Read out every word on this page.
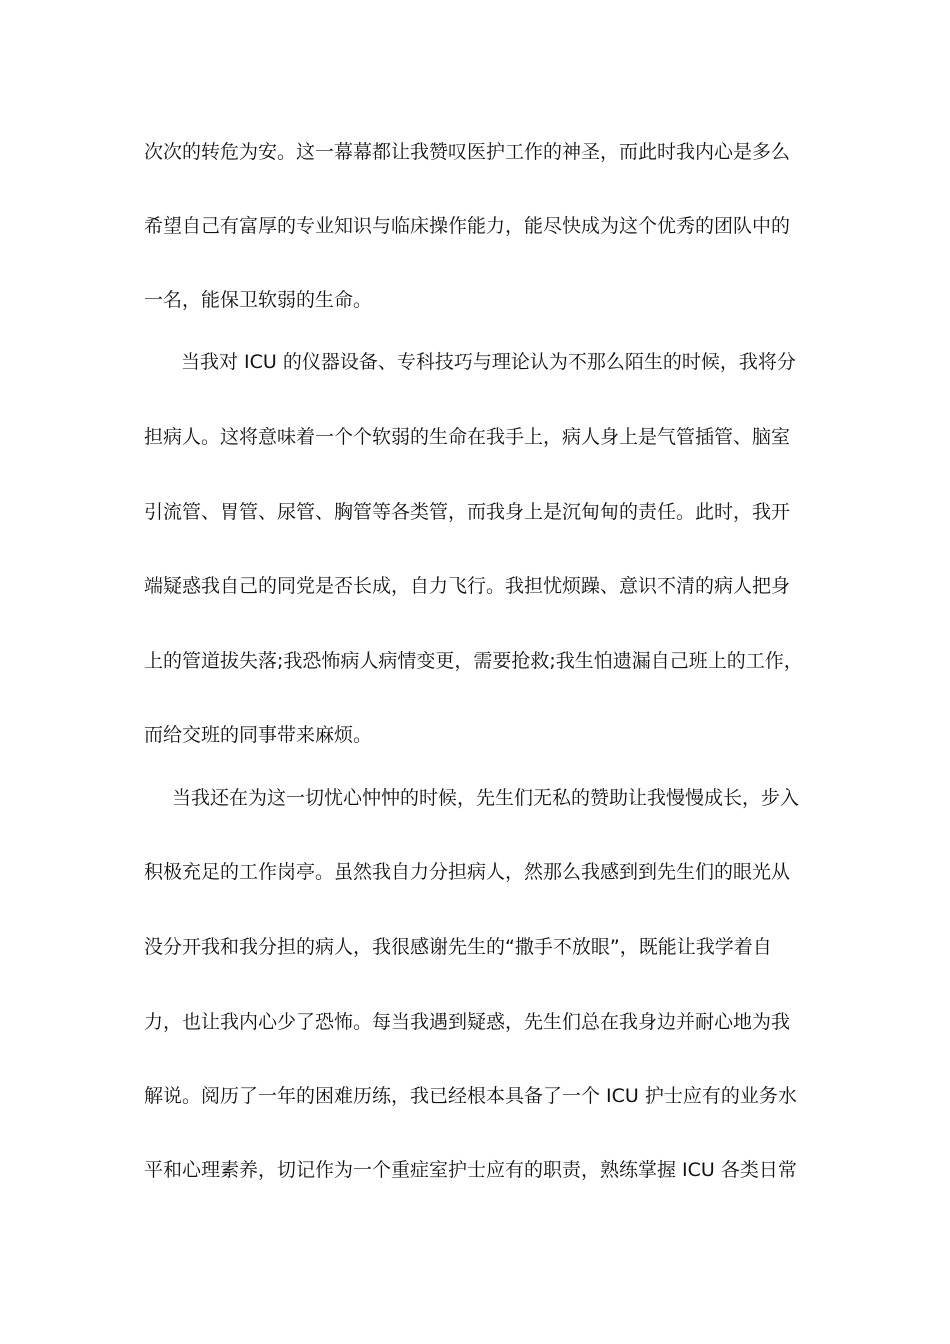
次次的转危为安。这一幕幕都让我赞叹医护工作的神圣，而此时我内心是多么
希望自己有富厚的专业知识与临床操作能力，能尽快成为这个优秀的团队中的
一名，能保卫软弱的生命。
当我对 ICU 的仪器设备、专科技巧与理论认为不那么陌生的时候，我将分
担病人。这将意味着一个个软弱的生命在我手上，病人身上是气管插管、脑室
引流管、胃管、尿管、胸管等各类管，而我身上是沉甸甸的责任。此时，我开
端疑惑我自己的同党是否长成，自力飞行。我担忧烦躁、意识不清的病人把身
上的管道拔失落;我恐怖病人病情变更，需要抢救;我生怕遗漏自己班上的工作，
而给交班的同事带来麻烦。
当我还在为这一切忧心忡忡的时候，先生们无私的赞助让我慢慢成长，步入
积极充足的工作岗亭。虽然我自力分担病人，然那么我感到到先生们的眼光从
没分开我和我分担的病人，我很感谢先生的“撒手不放眼”，既能让我学着自
力，也让我内心少了恐怖。每当我遇到疑惑，先生们总在我身边并耐心地为我
解说。阅历了一年的困难历练，我已经根本具备了一个 ICU 护士应有的业务水
平和心理素养，切记作为一个重症室护士应有的职责，熟练掌握 ICU 各类日常
